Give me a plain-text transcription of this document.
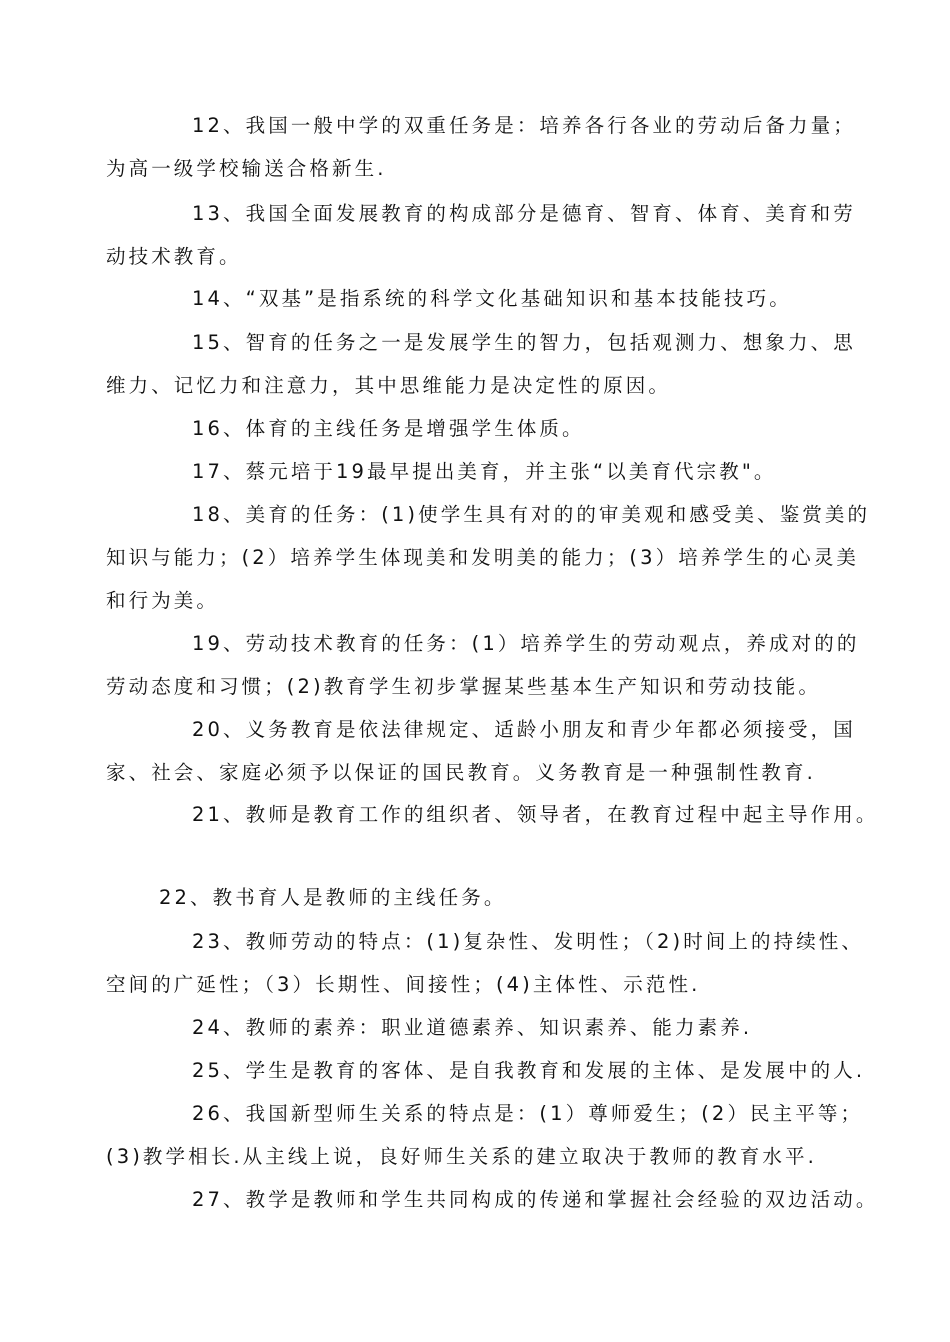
12、我国一般中学的双重任务是：培养各行各业的劳动后备力量；
为高一级学校输送合格新生.
13、我国全面发展教育的构成部分是德育、智育、体育、美育和劳
动技术教育。
14、“双基”是指系统的科学文化基础知识和基本技能技巧。
15、智育的任务之一是发展学生的智力，包括观测力、想象力、思
维力、记忆力和注意力，其中思维能力是决定性的原因。
16、体育的主线任务是增强学生体质。
17、蔡元培于19最早提出美育，并主张“以美育代宗教"。
18、美育的任务：(1)使学生具有对的的审美观和感受美、鉴赏美的
知识与能力；(2）培养学生体现美和发明美的能力；(3）培养学生的心灵美
和行为美。
19、劳动技术教育的任务：(1）培养学生的劳动观点，养成对的的
劳动态度和习惯；(2)教育学生初步掌握某些基本生产知识和劳动技能。
20、义务教育是依法律规定、适龄小朋友和青少年都必须接受，国
家、社会、家庭必须予以保证的国民教育。义务教育是一种强制性教育.
21、教师是教育工作的组织者、领导者，在教育过程中起主导作用。
22、教书育人是教师的主线任务。
23、教师劳动的特点：(1)复杂性、发明性；（2)时间上的持续性、
空间的广延性；（3）长期性、间接性；(4)主体性、示范性.
24、教师的素养：职业道德素养、知识素养、能力素养.
25、学生是教育的客体、是自我教育和发展的主体、是发展中的人.
26、我国新型师生关系的特点是：(1）尊师爱生；(2）民主平等；
(3)教学相长.从主线上说，良好师生关系的建立取决于教师的教育水平.
27、教学是教师和学生共同构成的传递和掌握社会经验的双边活动。
